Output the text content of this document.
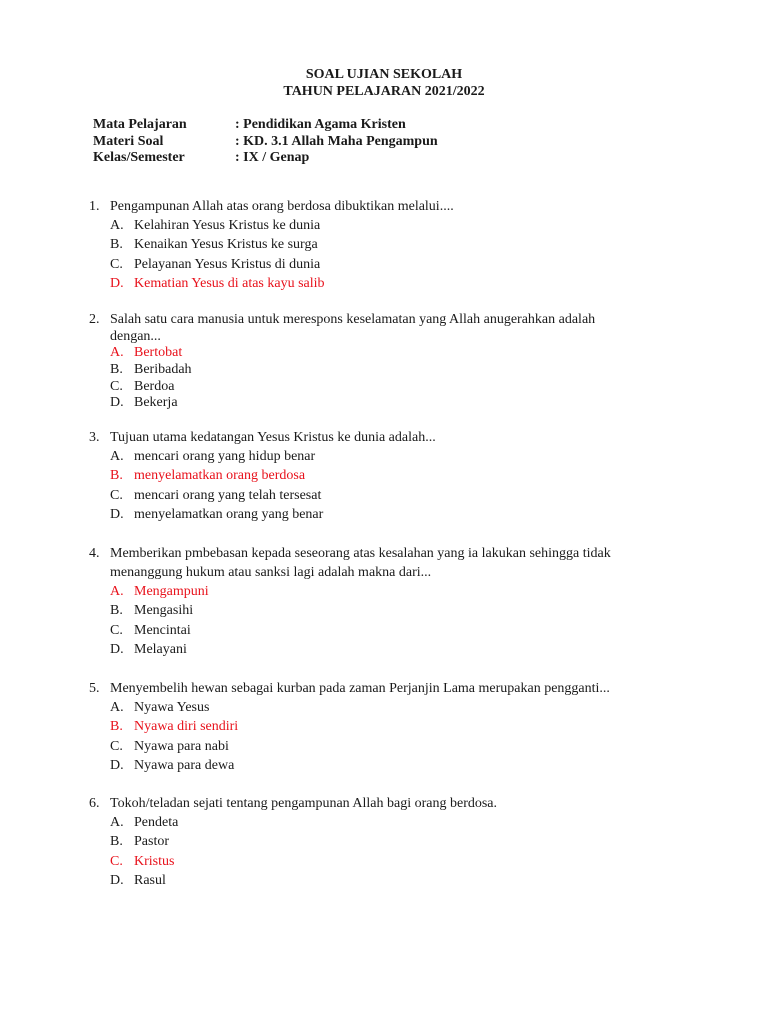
SOAL UJIAN SEKOLAH
TAHUN PELAJARAN 2021/2022
Mata Pelajaran	: Pendidikan Agama Kristen
Materi Soal	: KD. 3.1 Allah Maha Pengampun
Kelas/Semester	: IX / Genap
1. Pengampunan Allah atas orang berdosa dibuktikan melalui....
A. Kelahiran Yesus Kristus ke dunia
B. Kenaikan Yesus Kristus ke surga
C. Pelayanan Yesus Kristus di dunia
D. Kematian Yesus di atas kayu salib
2. Salah satu cara manusia untuk merespons keselamatan yang Allah anugerahkan adalah
dengan...
A. Bertobat
B. Beribadah
C. Berdoa
D. Bekerja
3. Tujuan utama kedatangan Yesus Kristus ke dunia adalah...
A. mencari orang yang hidup benar
B. menyelamatkan orang berdosa
C. mencari orang yang telah tersesat
D. menyelamatkan orang yang benar
4. Memberikan pmbebasan kepada seseorang atas kesalahan yang ia lakukan sehingga tidak
menanggung hukum atau sanksi lagi adalah makna dari...
A. Mengampuni
B. Mengasihi
C. Mencintai
D. Melayani
5. Menyembelih hewan sebagai kurban pada zaman Perjanjin Lama merupakan pengganti...
A. Nyawa Yesus
B. Nyawa diri sendiri
C. Nyawa para nabi
D. Nyawa para dewa
6. Tokoh/teladan sejati tentang pengampunan Allah bagi orang berdosa.
A. Pendeta
B. Pastor
C. Kristus
D. Rasul
